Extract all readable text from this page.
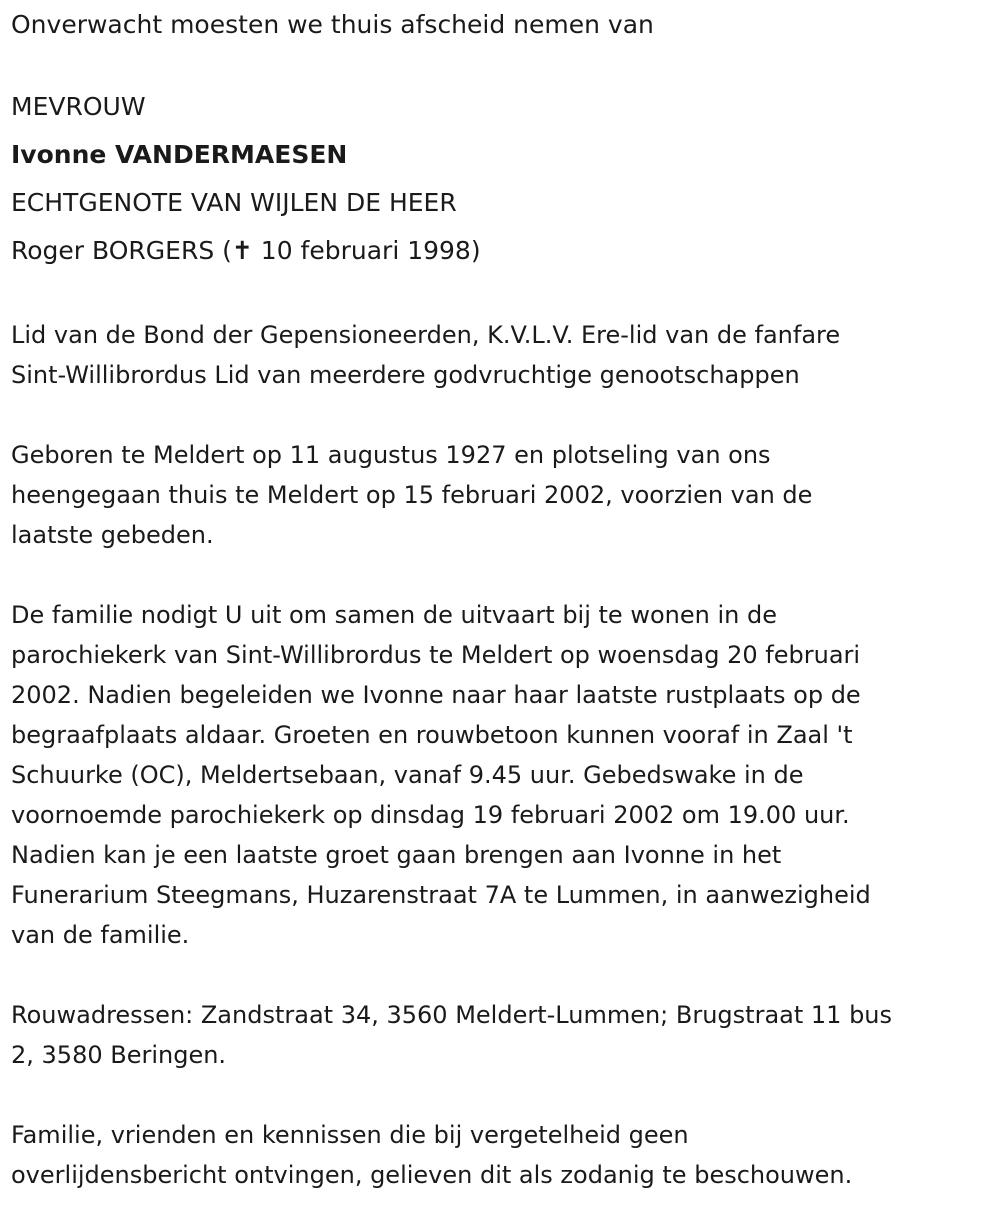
Onverwacht moesten we thuis afscheid nemen van
MEVROUW
Ivonne VANDERMAESEN
ECHTGENOTE VAN WIJLEN DE HEER
Roger BORGERS (✝ 10 februari 1998)
Lid van de Bond der Gepensioneerden, K.V.L.V. Ere-lid van de fanfare
Sint-Willibrordus Lid van meerdere godvruchtige genootschappen
Geboren te Meldert op 11 augustus 1927 en plotseling van ons
heengegaan thuis te Meldert op 15 februari 2002, voorzien van de
laatste gebeden.
De familie nodigt U uit om samen de uitvaart bij te wonen in de
parochiekerk van Sint-Willibrordus te Meldert op woensdag 20 februari
2002. Nadien begeleiden we Ivonne naar haar laatste rustplaats op de
begraafplaats aldaar. Groeten en rouwbetoon kunnen vooraf in Zaal 't
Schuurke (OC), Meldertsebaan, vanaf 9.45 uur. Gebedswake in de
voornoemde parochiekerk op dinsdag 19 februari 2002 om 19.00 uur.
Nadien kan je een laatste groet gaan brengen aan Ivonne in het
Funerarium Steegmans, Huzarenstraat 7A te Lummen, in aanwezigheid
van de familie.
Rouwadressen: Zandstraat 34, 3560 Meldert-Lummen; Brugstraat 11 bus
2, 3580 Beringen.
Familie, vrienden en kennissen die bij vergetelheid geen
overlijdensbericht ontvingen, gelieven dit als zodanig te beschouwen.
